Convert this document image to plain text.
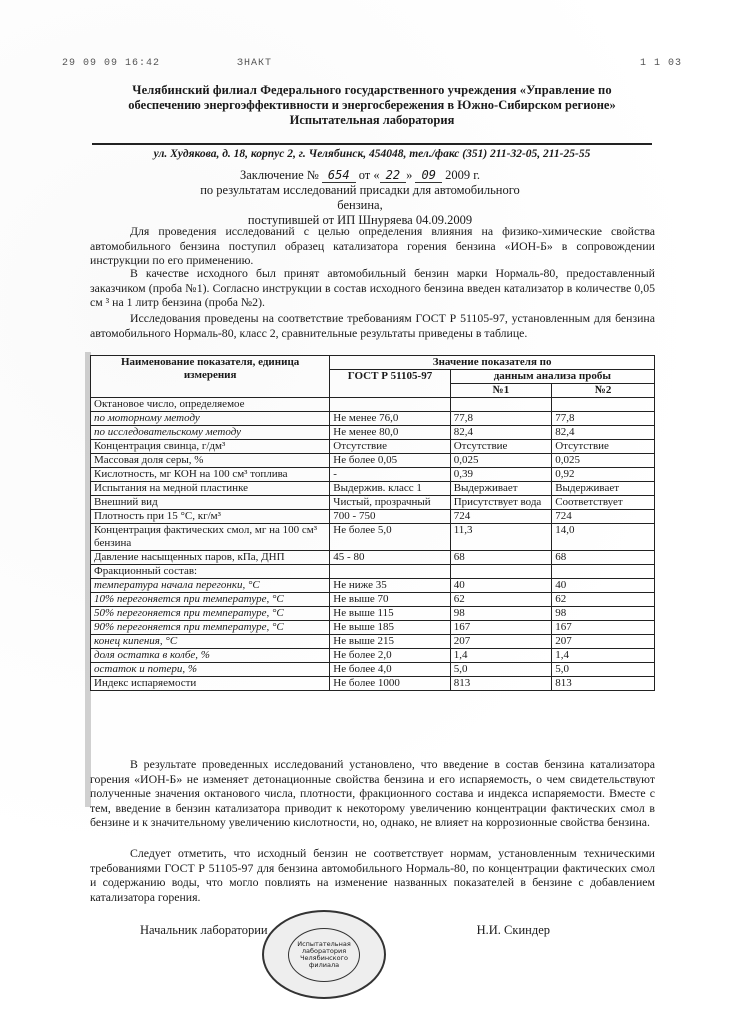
29 09 09 16:42	ЗНАКТ	1 1 03
Челябинский филиал Федерального государственного учреждения «Управление по
обеспечению энергоэффективности и энергосбережения в Южно-Сибирском регионе»
Испытательная лаборатория
ул. Худякова, д. 18, корпус 2, г. Челябинск, 454048, тел./факс (351) 211-32-05, 211-25-55
Заключение № 654 от « 22 » 09 2009 г.
по результатам исследований присадки для автомобильного бензина,
поступившей от ИП Шнуряева 04.09.2009
Для проведения исследований с целью определения влияния на физико-химические свойства автомобильного бензина поступил образец катализатора горения бензина «ИОН-Б» в сопровождении инструкции по его применению.
В качестве исходного был принят автомобильный бензин марки Нормаль-80, предоставленный заказчиком (проба №1). Согласно инструкции в состав исходного бензина введен катализатор в количестве 0,05 см ³ на 1 литр бензина (проба №2).
Исследования проведены на соответствие требованиям ГОСТ Р 51105-97, установленным для бензина автомобильного Нормаль-80, класс 2, сравнительные результаты приведены в таблице.
Наименование показателя, единица измерения	Значение показателя по		
	ГОСТ Р 51105-97	данным анализа пробы	
		№1	№2
Октановое число, определяемое			
по моторному методу	Не менее 76,0	77,8	77,8
по исследовательскому методу	Не менее 80,0	82,4	82,4
Концентрация свинца, г/дм³	Отсутствие	Отсутствие	Отсутствие
Массовая доля серы, %	Не более 0,05	0,025	0,025
Кислотность, мг КОН на 100 см³ топлива	-	0,39	0,92
Испытания на медной пластинке	Выдержив. класс 1	Выдерживает	Выдерживает
Внешний вид	Чистый, прозрачный	Присутствует вода	Соответствует
Плотность при 15 °С, кг/м³	700 - 750	724	724
Концентрация фактических смол, мг на 100 см³ бензина	Не более 5,0	11,3	14,0
Давление насыщенных паров, кПа, ДНП	45 - 80	68	68
Фракционный состав:			
температура начала перегонки, °С	Не ниже 35	40	40
10% перегоняется при температуре, °С	Не выше 70	62	62
50% перегоняется при температуре, °С	Не выше 115	98	98
90% перегоняется при температуре, °С	Не выше 185	167	167
конец кипения, °С	Не выше 215	207	207
доля остатка в колбе, %	Не более 2,0	1,4	1,4
остаток и потери, %	Не более 4,0	5,0	5,0
Индекс испаряемости	Не более 1000	813	813
В результате проведенных исследований установлено, что введение в состав бензина катализатора горения «ИОН-Б» не изменяет детонационные свойства бензина и его испаряемость, о чем свидетельствуют полученные значения октанового числа, плотности, фракционного состава и индекса испаряемости. Вместе с тем, введение в бензин катализатора приводит к некоторому увеличению концентрации фактических смол в бензине и к значительному увеличению кислотности, но, однако, не влияет на коррозионные свойства бензина.
Следует отметить, что исходный бензин не соответствует нормам, установленным техническими требованиями ГОСТ Р 51105-97 для бензина автомобильного Нормаль-80, по концентрации фактических смол и содержанию воды, что могло повлиять на изменение названных показателей в бензине с добавлением катализатора горения.
Начальник лаборатории	Н.И. Скиндер
Испытательная лаборатория Челябинского филиала
